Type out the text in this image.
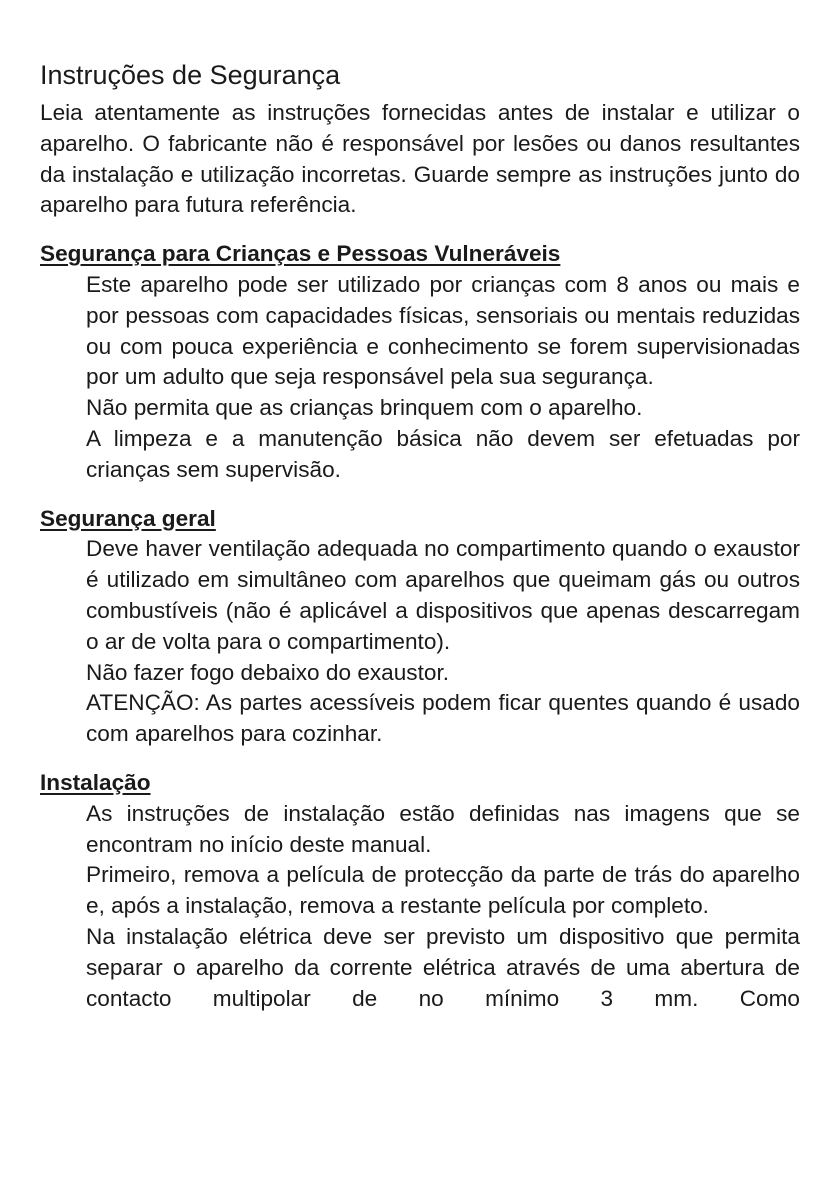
Instruções de Segurança

Leia atentamente as instruções fornecidas antes de instalar e utilizar o aparelho. O fabricante não é responsável por lesões ou danos resultantes da instalação e utilização incorretas. Guarde sempre as instruções junto do aparelho para futura referência.

Segurança para Crianças e Pessoas Vulneráveis
Este aparelho pode ser utilizado por crianças com 8 anos ou mais e por pessoas com capacidades físicas, sensoriais ou mentais reduzidas ou com pouca experiência e conhecimento se forem supervisionadas por um adulto que seja responsável pela sua segurança.
Não permita que as crianças brinquem com o aparelho.
A limpeza e a manutenção básica não devem ser efetuadas por crianças sem supervisão.
Segurança geral
Deve haver ventilação adequada no compartimento quando o exaustor é utilizado em simultâneo com aparelhos que queimam gás ou outros combustíveis (não é aplicável a dispositivos que apenas descarregam o ar de volta para o compartimento).
Não fazer fogo debaixo do exaustor.
ATENÇÃO: As partes acessíveis podem ficar quentes quando é usado com aparelhos para cozinhar.
Instalação
As instruções de instalação estão definidas nas imagens que se encontram no início deste manual.
Primeiro, remova a película de protecção da parte de trás do aparelho e, após a instalação, remova a restante película por completo.
Na instalação elétrica deve ser previsto um dispositivo que permita separar o aparelho da corrente elétrica através de uma abertura de contacto multipolar de no mínimo 3 mm. Como
